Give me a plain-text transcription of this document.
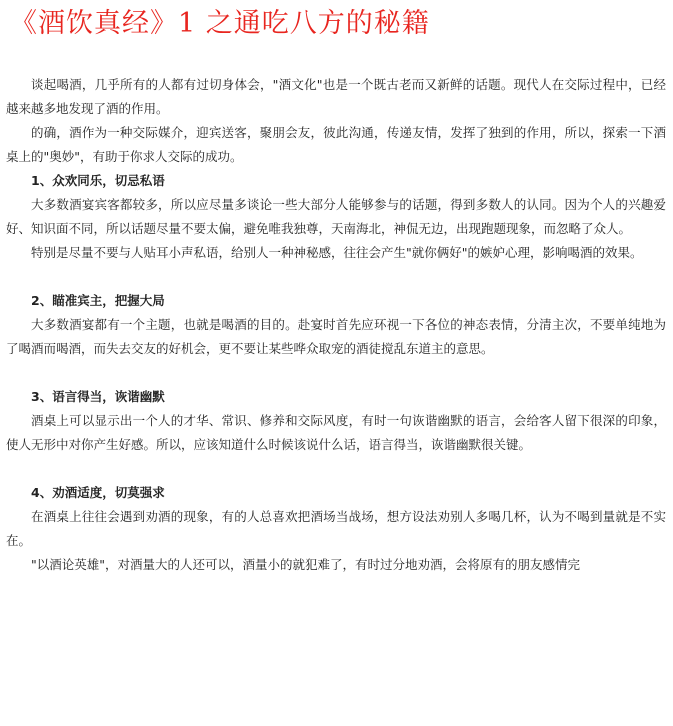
《酒饮真经》1 之通吃八方的秘籍

谈起喝酒，几乎所有的人都有过切身体会，"酒文化"也是一个既古老而又新鲜的话题。现代人在交际过程中，已经越来越多地发现了酒的作用。

的确，酒作为一种交际媒介，迎宾送客，聚朋会友，彼此沟通，传递友情，发挥了独到的作用，所以，探索一下酒桌上的"奥妙"，有助于你求人交际的成功。

1、众欢同乐，切忌私语

大多数酒宴宾客都较多，所以应尽量多谈论一些大部分人能够参与的话题，得到多数人的认同。因为个人的兴趣爱好、知识面不同，所以话题尽量不要太偏，避免唯我独尊，天南海北，神侃无边，出现跑题现象，而忽略了众人。

特别是尽量不要与人贴耳小声私语，给别人一种神秘感，往往会产生"就你俩好"的嫉妒心理，影响喝酒的效果。

2、瞄准宾主，把握大局

大多数酒宴都有一个主题，也就是喝酒的目的。赴宴时首先应环视一下各位的神态表情，分清主次，不要单纯地为了喝酒而喝酒，而失去交友的好机会，更不要让某些哗众取宠的酒徒搅乱东道主的意思。

3、语言得当，诙谐幽默

酒桌上可以显示出一个人的才华、常识、修养和交际风度，有时一句诙谐幽默的语言，会给客人留下很深的印象，使人无形中对你产生好感。所以，应该知道什么时候该说什么话，语言得当，诙谐幽默很关键。

4、劝酒适度，切莫强求

在酒桌上往往会遇到劝酒的现象，有的人总喜欢把酒场当战场，想方设法劝别人多喝几杯，认为不喝到量就是不实在。

"以酒论英雄"，对酒量大的人还可以，酒量小的就犯难了，有时过分地劝酒，会将原有的朋友感情完
